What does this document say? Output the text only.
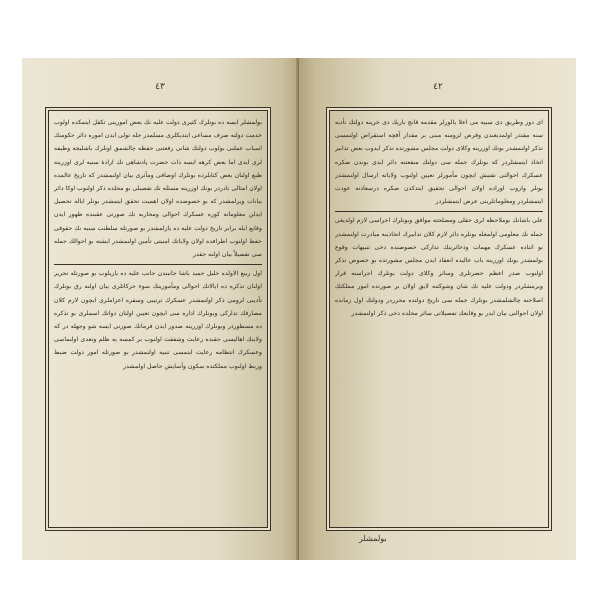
٤٣

بولمشلر ايسه ده بونلرك كثيرى دولت عليه نك بعض امورينى تكفل ايتمكده اولوب خدمت دولته صرف مساعى ايتديكلرى مسلمدر جله تولى ايدن اموره دائر حكومتك اسباب عملنى بولوب دولتك شانى رفعتنى حفظه چالشمق اونلرك باشليجه وظيفه لرى ايدى اما بعض كرهه ايسه ذات حضرت پادشاهى نك ارادهٔ سنيه لرى اوزرينه طبع اولنان بعض كتابلرده بونلرك اوصافى ومآثرى بيان اولنمشدر كه تاريخ عالمده اولان امثالى نادردر بونك اوزرينه مسئله نك تفصيلى بو محلده ذكر اولنوب اوكا دائر بيانات ويرلمشدر كه بو خصوصده اولان اهميت تحقق ايتمشدر بونلر اياله تحصيل ايدلن معلوماته كوره عسكرك احوالى ومحاربه نك صورتى عقبنده ظهور ايدن وقايع ايله برابر تاريخ دولت عليه ده يازلمشدر بو صورتله سلطنت سنيه نك حقوقى حفظ اولنوب اطرافده اولان ولاياتك امنيتى تأمين اولنمشدر ايشته بو احوالك جمله سى تفصيلاً بيان اولنه جقدر

اول ربيع الاولده خليل حميد باشا جانبندن جانب عليه ده يازيلوب بو صورتله تحرير اولنان تذكره ده ايالاتك احوالى ومأمورينك سوء حركاتلرى بيان اولنه رق بونلرك تأديبى لزومى ذكر اولنمشدر عسكرك ترتيبى وسفره اعزاملرى ايچون لازم كلان مصارفك تداركى وبونلرك اداره سى ايچون تعيين اولنان ذواتك اسملرى بو تذكره ده مسطوردر وبونلرك اوزرينه صدور ايدن فرمانك صورتى ايسه شو وجهله در كه ولايتك اهالیسى حقنده رعايت وشفقت اولنوب بر كمسه يه ظلم وتعدى اولنماسى وعسكرك انتظامه رعايت ايتمسى تنبيه اولنمشدر بو صورتله امور دولت ضبط وربط اولنوب مملكتده سكون وآسايش حاصل اولمشدر

٤٢

اى دوز وطريق دى سبيه مى اعلا يالورلر مقدمه قانچ باريك دى خزينه دولتك تأديه سنه مقتدر اولمديغندن وقرض لزومنه مبنى بر مقدار آقچه استقراض اولنمسى تذكر اولنمشدر بونك اوزرينه وكلاى دولت مجلس مشورتده تذكر ايدوب بعض تدابير اتخاذ ايتمشلردر كه بونلرك جمله سى دولتك منفعتنه دائر ايدى بوندن صكره عسكرك احوالنى تفتيش ايچون مأمورلر تعيين اولنوب ولاياته ارسال اولنمشدر بونلر واروب اوراده اولان احوالى تحقيق ايتدكدن صكره درسعادته عودت ايتمشلردر ومعلوماتلرينى عرض ايتمشلردر

على باشانك بوملاحظه لرى حقلى ومصلحته موافق وبونلرك اجراسى لازم اولديغى جمله نك معلومى اولمغله بونلره دائر لازم كلان تدابيرك اتخاذينه مبادرت اولنمشدر بو اثناده عسكرك مهمات وذخائرينك تداركى خصوصنده دخى تنبيهات وقوع بولمشدر بونك اوزرينه باب عالیده انعقاد ايدن مجلس مشورتده بو خصوص تذكر اولنوب صدر اعظم حضرتلرى وسائر وكلاى دولت بونلرك اجراسنه قرار ويرمشلردر ودولت عليه نك شان وشوكتنه لايق اولان بر صورتده امور مملكتك اصلاحنه چالشلمشدر بونلرك جمله سى تاريخ دولتده محرردر ودولتك اول زمانده اولان احوالنى بيان ايدر بو وقايعك تفصيلاتى سائر محلده دخى ذكر اولنمشدر

بولمشلر
